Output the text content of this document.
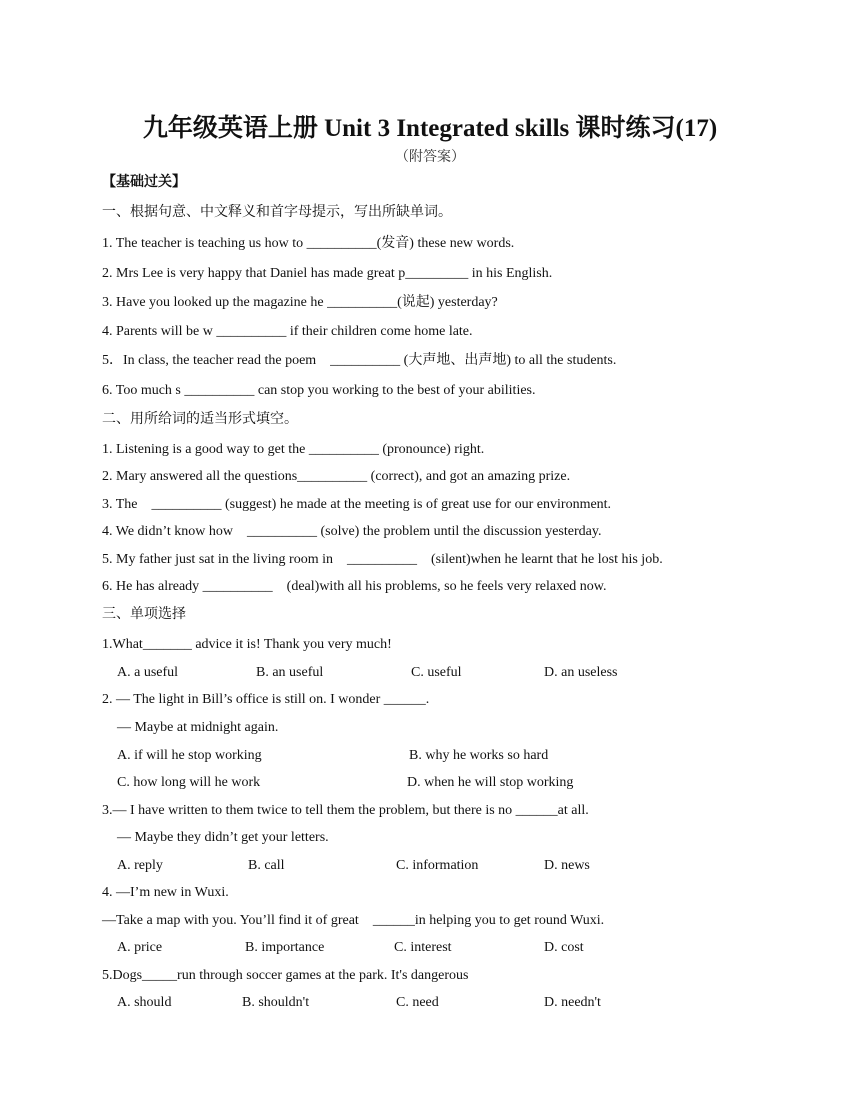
九年级英语上册 Unit 3 Integrated skills 课时练习(17)
（附答案）
【基础过关】
一、根据句意、中文释义和首字母提示，写出所缺单词。
1. The teacher is teaching us how to __________(发音) these new words.
2. Mrs Lee is very happy that Daniel has made great p_________ in his English.
3. Have you looked up the magazine he __________(说起) yesterday?
4. Parents will be w __________ if their children come home late.
5．In class, the teacher read the poem    __________ (大声地、出声地) to all the students.
6. Too much s __________ can stop you working to the best of your abilities.
二、用所给词的适当形式填空。
1. Listening is a good way to get the __________ (pronounce) right.
2. Mary answered all the questions__________ (correct), and got an amazing prize.
3. The    __________ (suggest) he made at the meeting is of great use for our environment.
4. We didn’t know how    __________ (solve) the problem until the discussion yesterday.
5. My father just sat in the living room in    __________    (silent)when he learnt that he lost his job.
6. He has already __________    (deal)with all his problems, so he feels very relaxed now.
三、单项选择
1.What_______ advice it is! Thank you very much!
A. a useful	B. an useful	C. useful	D. an useless
2. — The light in Bill’s office is still on. I wonder ______.
— Maybe at midnight again.
A. if will he stop working	B. why he works so hard
C. how long will he work	D. when he will stop working
3.— I have written to them twice to tell them the problem, but there is no ______at all.
— Maybe they didn’t get your letters.
A. reply	B. call	C. information	D. news
4. —I’m new in Wuxi.
—Take a map with you. You’ll find it of great    ______in helping you to get round Wuxi.
A. price	B. importance	C. interest	D. cost
5.Dogs_____run through soccer games at the park. It's dangerous
A. should	B. shouldn't	C. need	D. needn't
